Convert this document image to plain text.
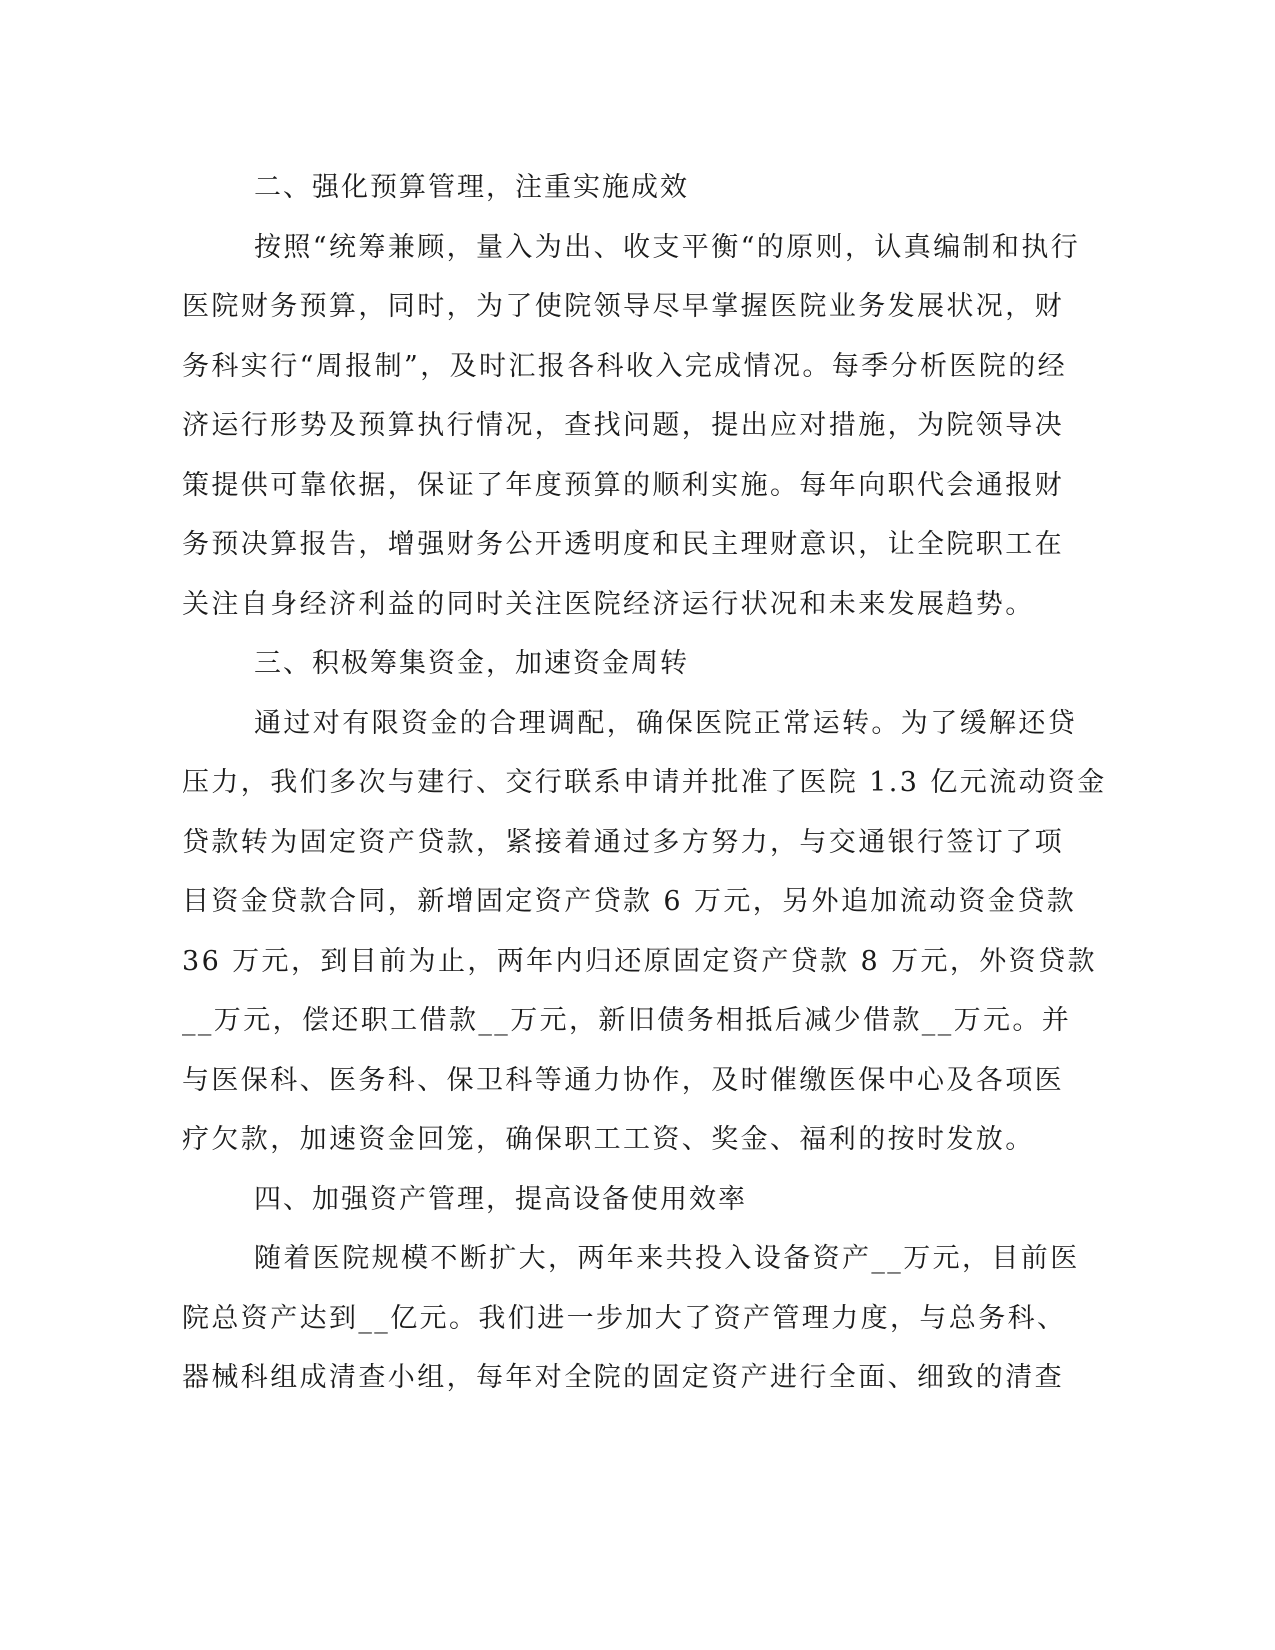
二、强化预算管理，注重实施成效
按照“统筹兼顾，量入为出、收支平衡“的原则，认真编制和执行
医院财务预算，同时，为了使院领导尽早掌握医院业务发展状况，财
务科实行“周报制”，及时汇报各科收入完成情况。每季分析医院的经
济运行形势及预算执行情况，查找问题，提出应对措施，为院领导决
策提供可靠依据，保证了年度预算的顺利实施。每年向职代会通报财
务预决算报告，增强财务公开透明度和民主理财意识，让全院职工在
关注自身经济利益的同时关注医院经济运行状况和未来发展趋势。
三、积极筹集资金，加速资金周转
通过对有限资金的合理调配，确保医院正常运转。为了缓解还贷
压力，我们多次与建行、交行联系申请并批准了医院 1.3 亿元流动资金
贷款转为固定资产贷款，紧接着通过多方努力，与交通银行签订了项
目资金贷款合同，新增固定资产贷款 6 万元，另外追加流动资金贷款
36 万元，到目前为止，两年内归还原固定资产贷款 8 万元，外资贷款
__万元，偿还职工借款__万元，新旧债务相抵后减少借款__万元。并
与医保科、医务科、保卫科等通力协作，及时催缴医保中心及各项医
疗欠款，加速资金回笼，确保职工工资、奖金、福利的按时发放。
四、加强资产管理，提高设备使用效率
随着医院规模不断扩大，两年来共投入设备资产__万元，目前医
院总资产达到__亿元。我们进一步加大了资产管理力度，与总务科、
器械科组成清查小组，每年对全院的固定资产进行全面、细致的清查
